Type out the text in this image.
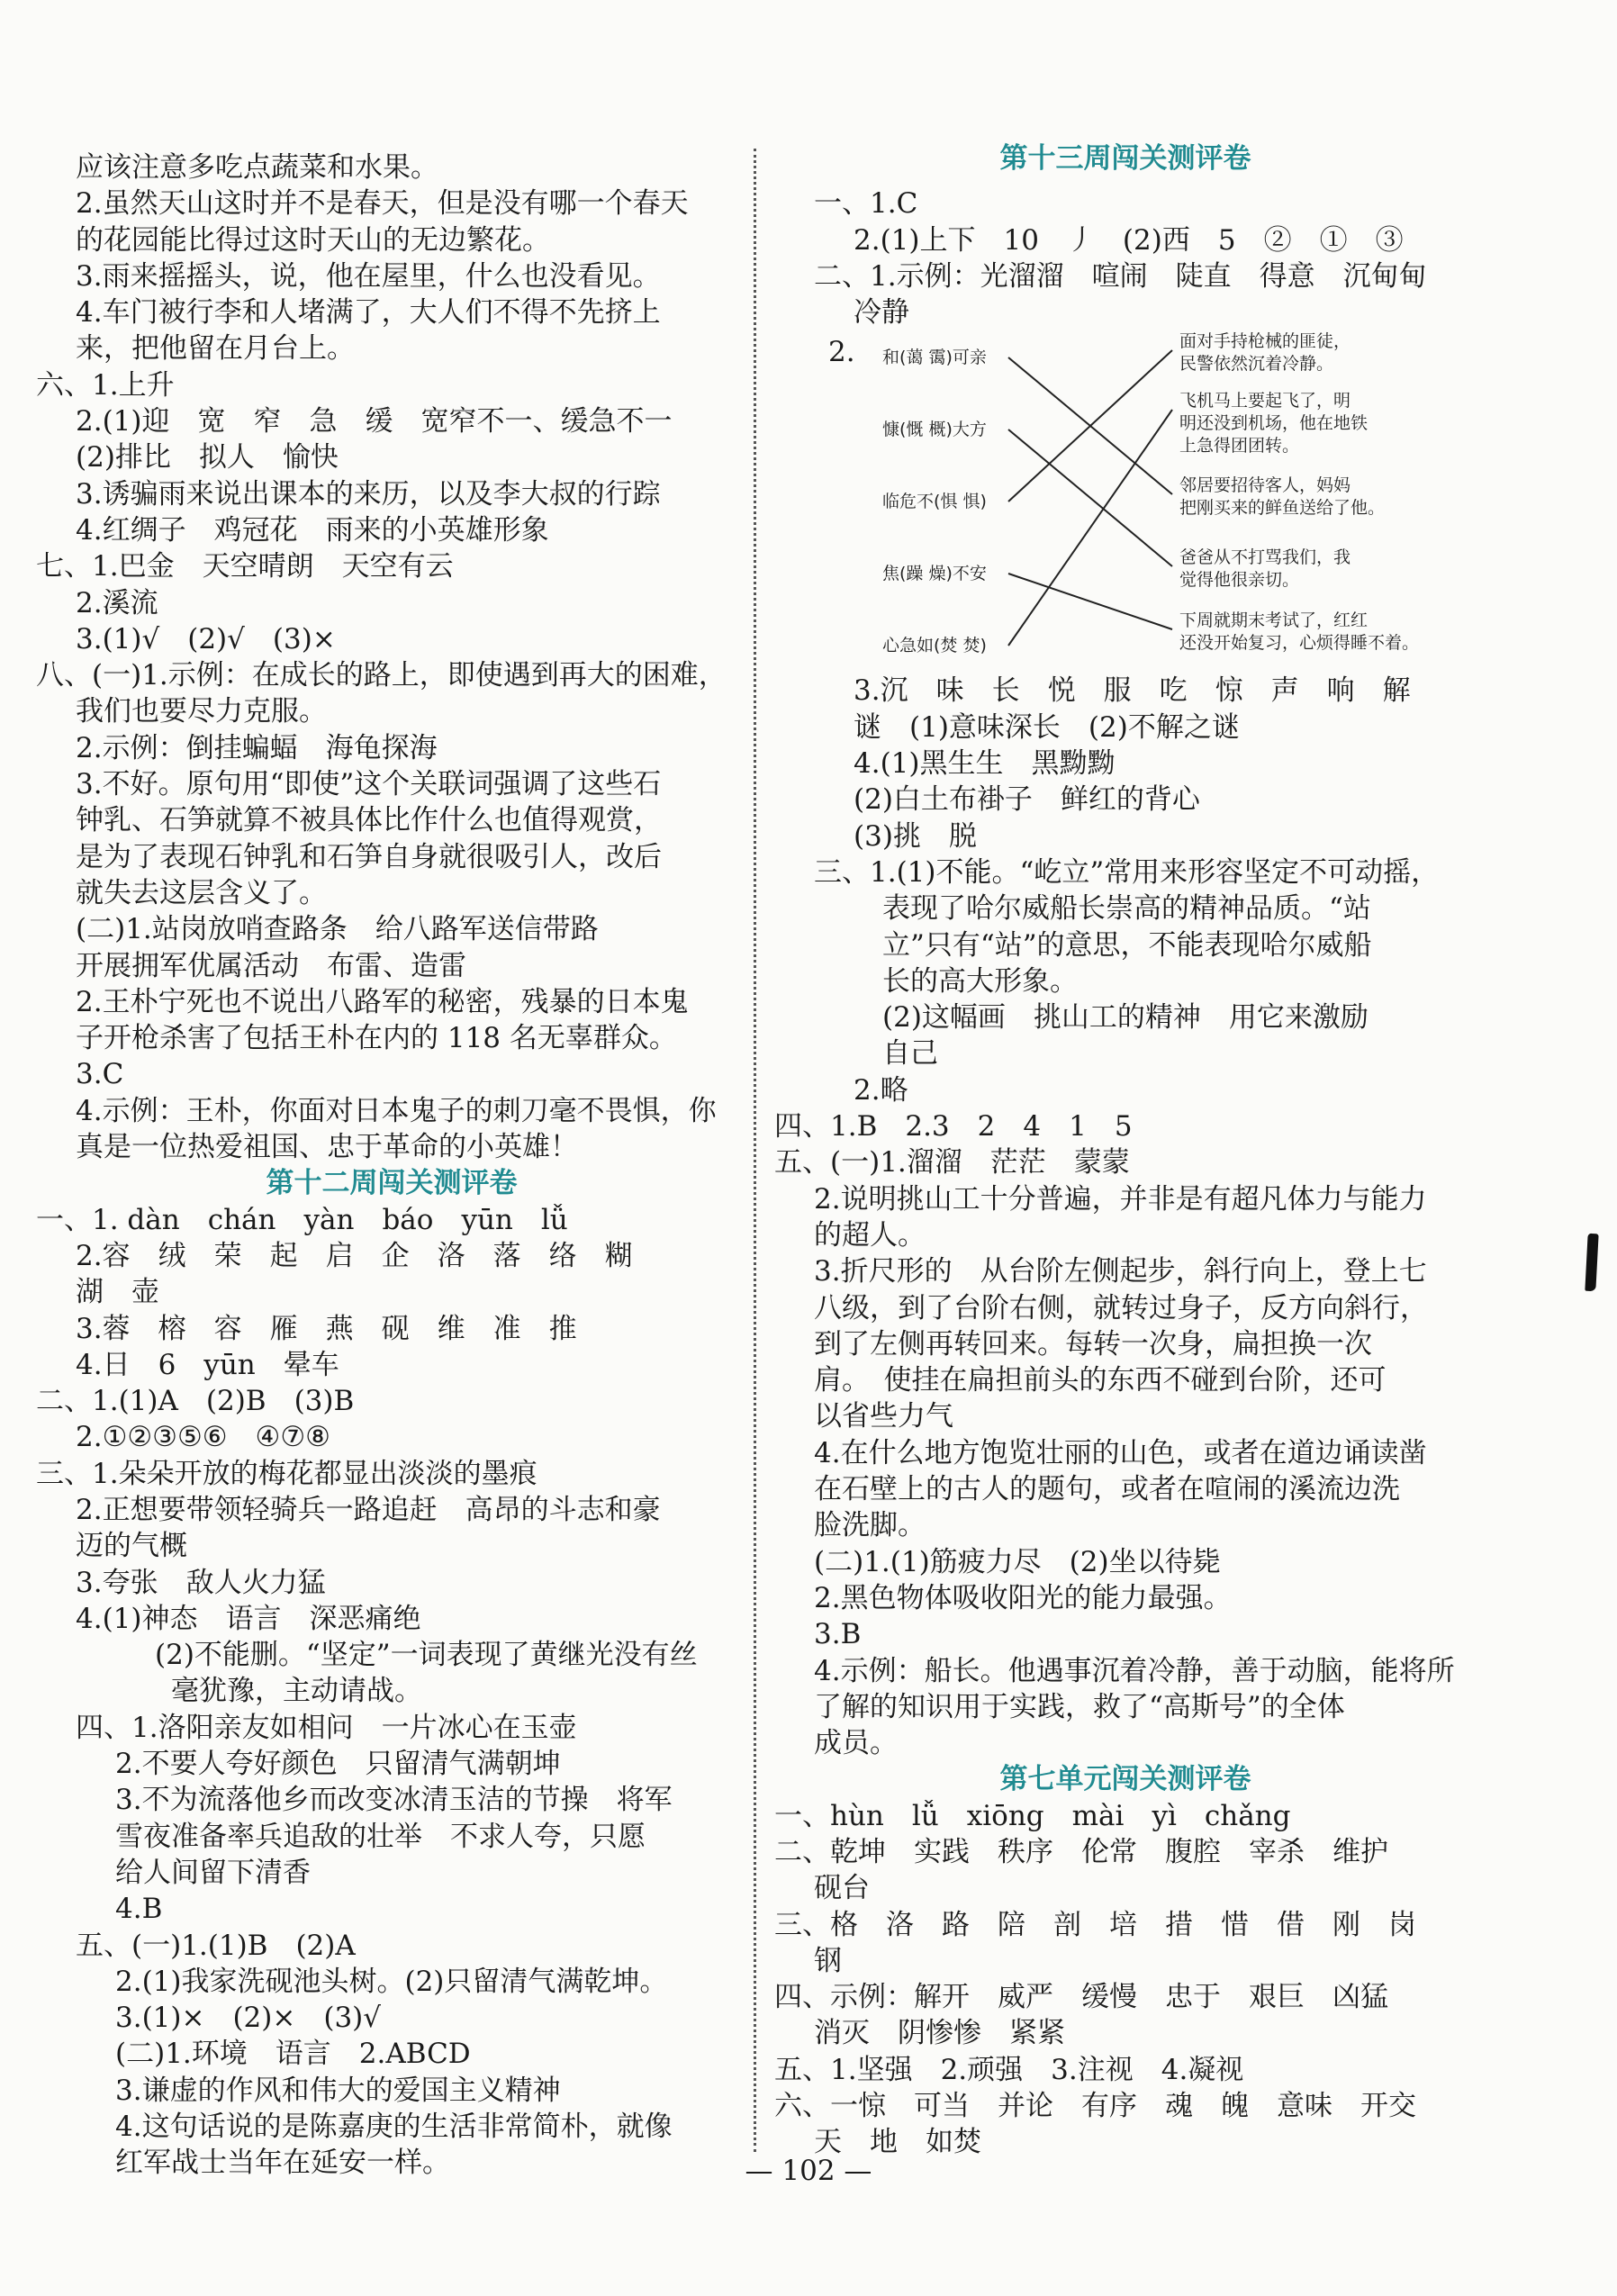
应该注意多吃点蔬菜和水果。
2.虽然天山这时并不是春天，但是没有哪一个春天
的花园能比得过这时天山的无边繁花。
3.雨来摇摇头，说，他在屋里，什么也没看见。
4.车门被行李和人堵满了，大人们不得不先挤上
来，把他留在月台上。
六、1.上升
2.(1)迎　宽　窄　急　缓　宽窄不一、缓急不一
(2)排比　拟人　愉快
3.诱骗雨来说出课本的来历，以及李大叔的行踪
4.红绸子　鸡冠花　雨来的小英雄形象
七、1.巴金　天空晴朗　天空有云
2.溪流
3.(1)√　(2)√　(3)×
八、(一)1.示例：在成长的路上，即使遇到再大的困难，
我们也要尽力克服。
2.示例：倒挂蝙蝠　海龟探海
3.不好。原句用“即使”这个关联词强调了这些石
钟乳、石笋就算不被具体比作什么也值得观赏，
是为了表现石钟乳和石笋自身就很吸引人，改后
就失去这层含义了。
(二)1.站岗放哨查路条　给八路军送信带路
开展拥军优属活动　布雷、造雷
2.王朴宁死也不说出八路军的秘密，残暴的日本鬼
子开枪杀害了包括王朴在内的 118 名无辜群众。
3.C
4.示例：王朴，你面对日本鬼子的刺刀毫不畏惧，你
真是一位热爱祖国、忠于革命的小英雄！
第十二周闯关测评卷
一、1. dàn　chán　yàn　báo　yūn　lǚ
2.容　绒　荣　起　启　企　洛　落　络　糊
湖　壶
3.蓉　榕　容　雁　燕　砚　维　准　推
4.日　6　yūn　晕车
二、1.(1)A　(2)B　(3)B
2.①②③⑤⑥　④⑦⑧
三、1.朵朵开放的梅花都显出淡淡的墨痕
2.正想要带领轻骑兵一路追赶　高昂的斗志和豪
迈的气概
3.夸张　敌人火力猛
4.(1)神态　语言　深恶痛绝
(2)不能删。“坚定”一词表现了黄继光没有丝
毫犹豫，主动请战。
四、1.洛阳亲友如相问　一片冰心在玉壶
2.不要人夸好颜色　只留清气满朝坤
3.不为流落他乡而改变冰清玉洁的节操　将军
雪夜准备率兵追敌的壮举　不求人夸，只愿
给人间留下清香
4.B
五、(一)1.(1)B　(2)A
2.(1)我家洗砚池头树。(2)只留清气满乾坤。
3.(1)×　(2)×　(3)√
(二)1.环境　语言　2.ABCD
3.谦虚的作风和伟大的爱国主义精神
4.这句话说的是陈嘉庚的生活非常简朴，就像
红军战士当年在延安一样。
第十三周闯关测评卷
一、1.C
2.(1)上下　10　丿　(2)西　5　②　①　③
二、1.示例：光溜溜　喧闹　陡直　得意　沉甸甸
冷静
2. 和(蔼 霭)可亲
慷(慨 概)大方
临危不(惧 惧)
焦(躁 燥)不安
心急如(焚 焚)
面对手持枪械的匪徒，
民警依然沉着冷静。
飞机马上要起飞了，明
明还没到机场，他在地铁
上急得团团转。
邻居要招待客人，妈妈
把刚买来的鲜鱼送给了他。
爸爸从不打骂我们，我
觉得他很亲切。
下周就期末考试了，红红
还没开始复习，心烦得睡不着。
3.沉　味　长　悦　服　吃　惊　声　响　解
谜　(1)意味深长　(2)不解之谜
4.(1)黑生生　黑黝黝
(2)白土布褂子　鲜红的背心
(3)挑　脱
三、1.(1)不能。“屹立”常用来形容坚定不可动摇，
表现了哈尔威船长崇高的精神品质。“站
立”只有“站”的意思，不能表现哈尔威船
长的高大形象。
(2)这幅画　挑山工的精神　用它来激励
自己
2.略
四、1.B　2.3　2　4　1　5
五、(一)1.溜溜　茫茫　蒙蒙
2.说明挑山工十分普遍，并非是有超凡体力与能力
的超人。
3.折尺形的　从台阶左侧起步，斜行向上，登上七
八级，到了台阶右侧，就转过身子，反方向斜行，
到了左侧再转回来。每转一次身，扁担换一次
肩。　使挂在扁担前头的东西不碰到台阶，还可
以省些力气
4.在什么地方饱览壮丽的山色，或者在道边诵读凿
在石壁上的古人的题句，或者在喧闹的溪流边洗
脸洗脚。
(二)1.(1)筋疲力尽　(2)坐以待毙
2.黑色物体吸收阳光的能力最强。
3.B
4.示例：船长。他遇事沉着冷静，善于动脑，能将所
了解的知识用于实践，救了“高斯号”的全体
成员。
第七单元闯关测评卷
一、hùn　lǚ　xiōng　mài　yì　chǎng
二、乾坤　实践　秩序　伦常　腹腔　宰杀　维护
砚台
三、格　洛　路　陪　剖　培　措　惜　借　刚　岗
钢
四、示例：解开　威严　缓慢　忠于　艰巨　凶猛
消灭　阴惨惨　紧紧
五、1.坚强　2.顽强　3.注视　4.凝视
六、一惊　可当　并论　有序　魂　魄　意味　开交
天　地　如焚
— 102 —
